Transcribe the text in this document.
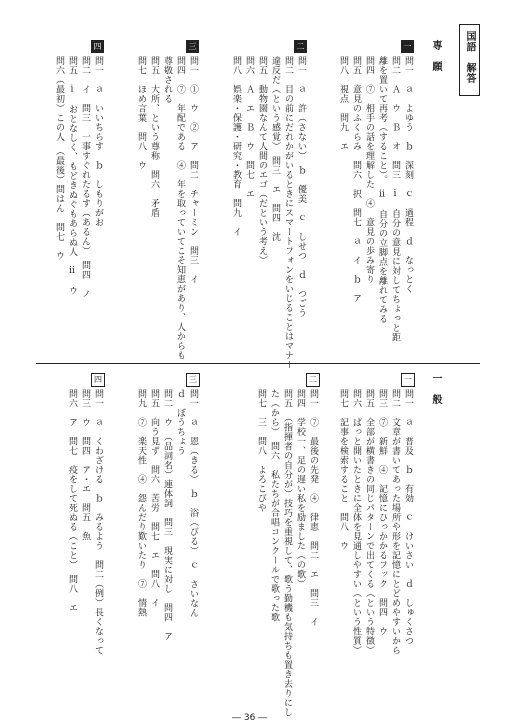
国語　解答
専　願
一
問一　ａ　よゆう　ｂ　深刻　ｃ　過程　ｄ　なっとく
問二　Ａ　ウ　Ｂ　オ　問三　ⅰ　自分の意見に対してちょっと距
離を置いて再考（すること）。　ⅱ　自分の立脚点を離れてみる
問四　⑦　相手の話を理解した　④　意見の歩み寄り
問五　意見のふくらみ　問六　択　問七　ａ　イ　ｂ　ア
問八　視点　問九　エ
二
問一　ａ　許（さない）　ｂ　優美　ｃ　しせつ　ｄ　つごう
問二　目の前にだれかがいるときにスマートフォンをいじることはマナー
違反だ（という感覚）　問三　エ　問四　沈
問五　動物園なんて人間のエゴ（だという考え）
問六　Ａ　エ　Ｂ　ウ　問七　エ
問八　娯楽・保護・研究・教育　問九　イ
三
問一　①　ウ　②　ア　問二　チャーミン　問三　イ
問四　⑦　年配である　④　年を取っていてこそ知恵があり、人からも
尊敬される
問五　大所、という尊称　問六　矛盾
問七　ほめ言葉　問八　ウ
四
問一　ａ　いいちらす　ｂ　しもりがお
問二　イ　問三　一事すぐれたるす（あるん）　問四　ノ
問五　ⅰ　おとなしく、もどきぬぐもあらぬ人　ⅱ　ウ
問六（最初）この人　（最後）問はん　問七　ウ
一　般
一
問一　ａ　普及　ｂ　有効　ｃ　けいさい　ｄ　しゅくさつ
問二　文章が書いてあった場所や形を記憶にとどめやすいから
問三　⑦　新鮮　④　記憶にひっかかるフック　問四　ウ
問五　全部が横書きの同じパターンで出てくる（という特徴）
問六　ぱっと開いたときに全体を見通しやすい（という性質）
問七　記事を検索すること　問八　ウ
二
問一　⑦　最後の先発　④　律恵　問二　エ　問三　イ
問四　学校一、足の遅い私を励ました（の歌）
問五　（指揮者の自分が）技巧を重視して、歌う勤機も気持ちも置き去りにし
た（から）　問六　私たちが合唱コンクールで歌った歌
問七　三　問八　よろこびや
三
問一　ａ　恩（きる）　ｂ　浴（びる）　ｃ　さいなん
ｄ　ぼうちょう
問二　ウ　（品詞名）連体詞　問三　現実に対し　問四　ア
問五　向う見ず　問六　苦労　問七　エ　問八　イ
問九　⑦　楽天性　④　怨んだり歎いたり　⑦　情熱
四
問一　ａ　くわざける　ｂ　みるよう　問二（例）長くなって
問三　ウ　問四　ア・エ　問五　魚
問六　ア　問七　疫をして死ぬる（こと）　問八　エ
― 36 ―
